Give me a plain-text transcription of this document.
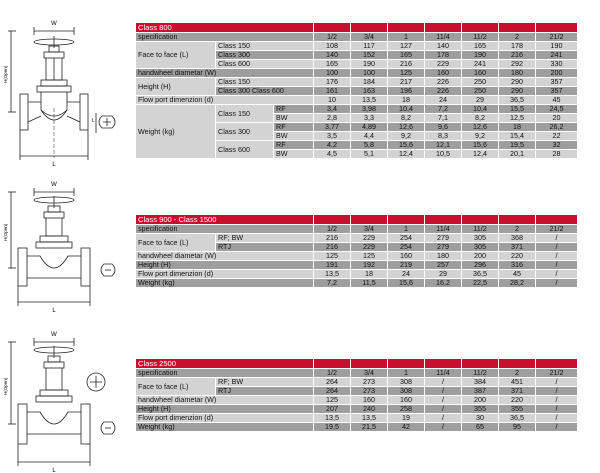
W
L
H(Open)
L
W
L
H(Open)
W
L
H(Open)
Class 800									
specification			1/2	3/4	1	11/4	11/2	2	21/2
Face to face (L)	Class 150		108	117	127	140	165	178	190
	Class 300		140	152	165	178	190	216	241
	Class 600		165	190	216	229	241	292	330
handwheel diametar (W)			100	100	125	160	160	180	200
Height (H)	Class 150		176	184	217	226	250	290	357
	Class 300 Class 600		161	163	196	226	250	290	357
Flow port dimenzion (d)			10	13,5	18	24	29	36,5	45
Weight (kg)	Class 150	RF	3,4	3,98	10,4	7,2	10,4	15,5	24,5
		BW	2,8	3,3	8,2	7,1	8,2	12,5	20
	Class 300	RF	3,77	4,89	12,6	9,6	12,6	18	26,2
		BW	3,5	4,4	9,2	8,3	9,2	15,4	22
	Class 600	RF	4,2	5,8	15,6	12,1	15,6	19,5	32
		BW	4,5	5,1	12,4	10,5	12,4	20,1	28
Class 900 - Class 1500								
specification		1/2	3/4	1	11/4	11/2	2	21/2
Face to face (L)	RF; BW	216	229	254	279	305	368	/
	RTJ	216	229	254	279	305	371	/
handwheel diametar (W)		125	125	160	180	200	220	/
Height (H)		191	192	219	257	296	316	/
Flow port dimenzion (d)		13,5	18	24	29	36,5	45	/
Weight (kg)		7,2	11,5	15,6	16,2	22,5	28,2	/
Class 2500								
specification		1/2	3/4	1	11/4	11/2	2	21/2
Face to face (L)	RF; BW	264	273	308	/	384	451	/
	RTJ	264	273	308	/	387	371	/
handwheel diametar (W)		125	160	160	/	200	220	/
Height (H)		207	240	258	/	355	355	/
Flow port dimenzion (d)		13,5	13,5	19	/	30	36,5	/
Weight (kg)		19,5	21,5	42	/	65	95	/
